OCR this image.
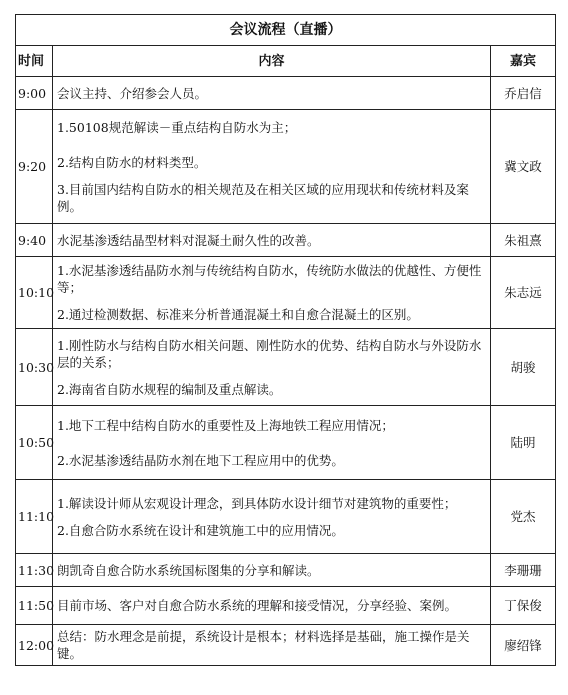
会议流程（直播）		
时间	内容	嘉宾
9:00	会议主持、介绍参会人员。	乔启信
9:20	1.50108规范解读－重点结构自防水为主；
2.结构自防水的材料类型。
3.目前国内结构自防水的相关规范及在相关区域的应用现状和传统材料及案例。	冀文政
9:40	水泥基渗透结晶型材料对混凝土耐久性的改善。	朱祖熹
10:10	1.水泥基渗透结晶防水剂与传统结构自防水，传统防水做法的优越性、方便性等；
2.通过检测数据、标准来分析普通混凝土和自愈合混凝土的区别。	朱志远
10:30	1.刚性防水与结构自防水相关问题、刚性防水的优势、结构自防水与外设防水层的关系；
2.海南省自防水规程的编制及重点解读。	胡骏
10:50	1.地下工程中结构自防水的重要性及上海地铁工程应用情况；
2.水泥基渗透结晶防水剂在地下工程应用中的优势。	陆明
11:10	1.解读设计师从宏观设计理念，到具体防水设计细节对建筑物的重要性；
2.自愈合防水系统在设计和建筑施工中的应用情况。	党杰
11:30	朗凯奇自愈合防水系统国标图集的分享和解读。	李珊珊
11:50	目前市场、客户对自愈合防水系统的理解和接受情况，分享经验、案例。	丁保俊
12:00	总结：防水理念是前提，系统设计是根本；材料选择是基础，施工操作是关键。	廖绍锋
